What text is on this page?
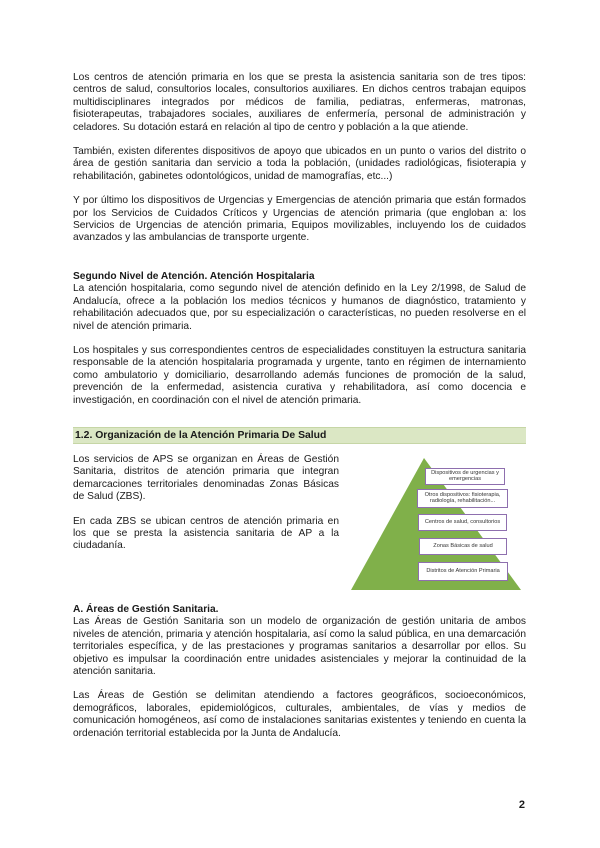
Los centros de atención primaria en los que se presta la asistencia sanitaria son de tres tipos: centros de salud, consultorios locales, consultorios auxiliares. En dichos centros trabajan equipos multidisciplinares integrados por médicos de familia, pediatras, enfermeras, matronas, fisioterapeutas, trabajadores sociales, auxiliares de enfermería, personal de administración y celadores. Su dotación estará en relación al tipo de centro y población a la que atiende.

También, existen diferentes dispositivos de apoyo que ubicados en un punto o varios del distrito o área de gestión sanitaria dan servicio a toda la población, (unidades radiológicas, fisioterapia y rehabilitación, gabinetes odontológicos, unidad de mamografías, etc...)

Y por último los dispositivos de Urgencias y Emergencias de atención primaria que están formados por los Servicios de Cuidados Críticos y Urgencias de atención primaria (que engloban a: los Servicios de Urgencias de atención primaria, Equipos movilizables, incluyendo los de cuidados avanzados y las ambulancias de transporte urgente.

Segundo Nivel de Atención. Atención Hospitalaria

La atención hospitalaria, como segundo nivel de atención definido en la Ley 2/1998, de Salud de Andalucía, ofrece a la población los medios técnicos y humanos de diagnóstico, tratamiento y rehabilitación adecuados que, por su especialización o características, no pueden resolverse en el nivel de atención primaria.

Los hospitales y sus correspondientes centros de especialidades constituyen la estructura sanitaria responsable de la atención hospitalaria programada y urgente, tanto en régimen de internamiento como ambulatorio y domiciliario, desarrollando además funciones de promoción de la salud, prevención de la enfermedad, asistencia curativa y rehabilitadora, así como docencia e investigación, en coordinación con el nivel de atención primaria.

1.2. Organización de la Atención Primaria De Salud

Los servicios de APS se organizan en Áreas de Gestión Sanitaria, distritos de atención primaria que integran demarcaciones territoriales denominadas Zonas Básicas de Salud (ZBS).

En cada ZBS se ubican centros de atención primaria en los que se presta la asistencia sanitaria de AP a la ciudadanía.

Dispositivos de urgencias y emergencias
Otros dispositivos: fisioterapia, radiología, rehabilitación...
Centros de salud, consultorios
Zonas Básicas de salud
Distritos de Atención Primaria
A. Áreas de Gestión Sanitaria.

Las Áreas de Gestión Sanitaria son un modelo de organización de gestión unitaria de ambos niveles de atención, primaria y atención hospitalaria, así como la salud pública, en una demarcación territoriales específica, y de las prestaciones y programas sanitarios a desarrollar por ellos. Su objetivo es impulsar la coordinación entre unidades asistenciales y mejorar la continuidad de la atención sanitaria.

Las Áreas de Gestión se delimitan atendiendo a factores geográficos, socioeconómicos, demográficos, laborales, epidemiológicos, culturales, ambientales, de vías y medios de comunicación homogéneos, así como de instalaciones sanitarias existentes y teniendo en cuenta la ordenación territorial establecida por la Junta de Andalucía.

2
